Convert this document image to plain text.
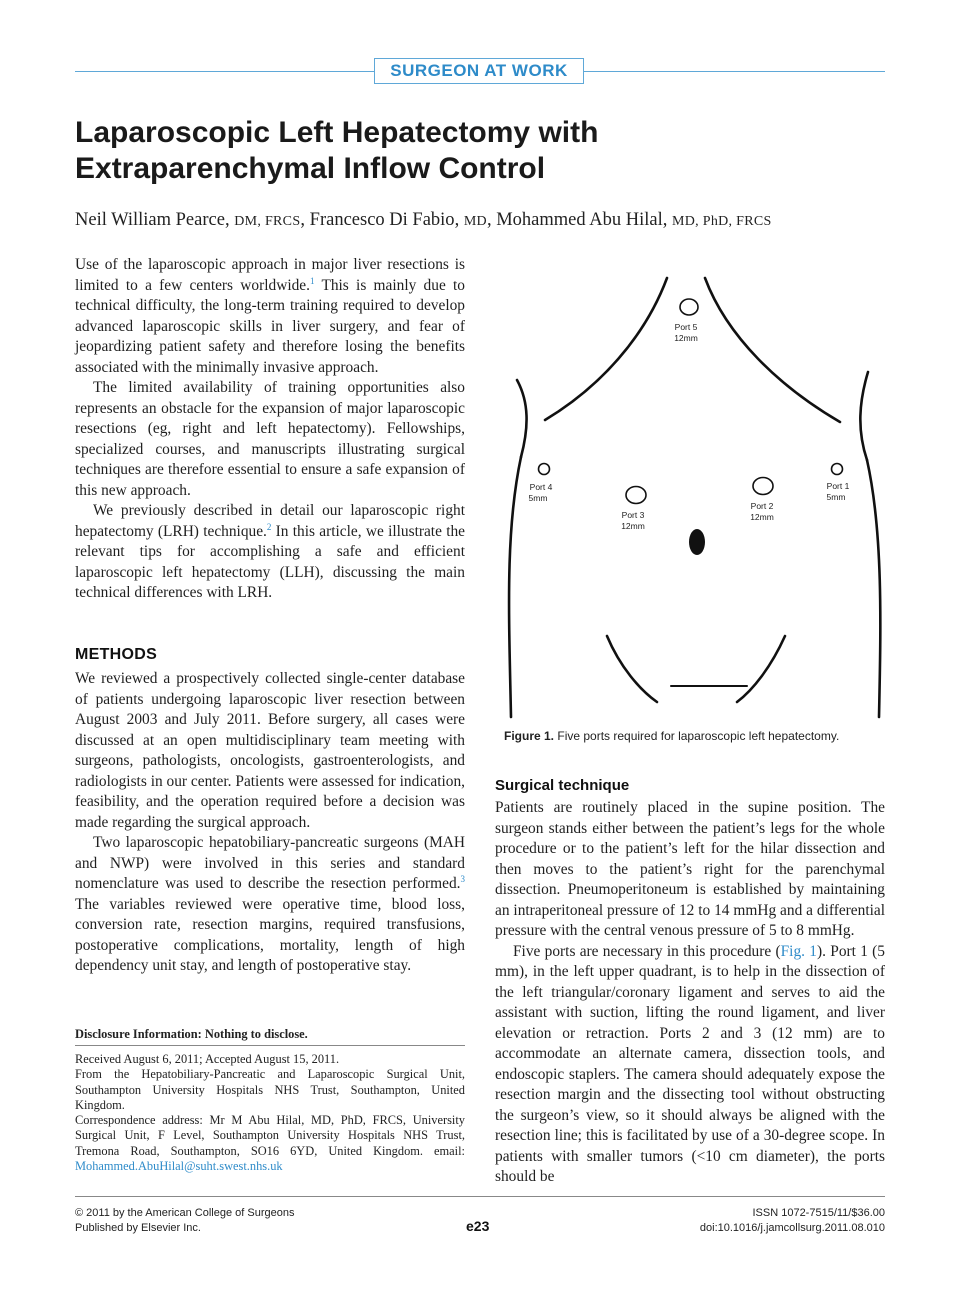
SURGEON AT WORK
Laparoscopic Left Hepatectomy with Extraparenchymal Inflow Control
Neil William Pearce, DM, FRCS, Francesco Di Fabio, MD, Mohammed Abu Hilal, MD, PhD, FRCS

Use of the laparoscopic approach in major liver resections is limited to a few centers worldwide.$^1$ This is mainly due to technical difficulty, the long-term training required to develop advanced laparoscopic skills in liver surgery, and fear of jeopardizing patient safety and therefore losing the benefits associated with the minimally invasive approach.

The limited availability of training opportunities also represents an obstacle for the expansion of major laparoscopic resections (eg, right and left hepatectomy). Fellowships, specialized courses, and manuscripts illustrating surgical techniques are therefore essential to ensure a safe expansion of this new approach.

We previously described in detail our laparoscopic right hepatectomy (LRH) technique.$^2$ In this article, we illustrate the relevant tips for accomplishing a safe and efficient laparoscopic left hepatectomy (LLH), discussing the main technical differences with LRH.

METHODS

We reviewed a prospectively collected single-center database of patients undergoing laparoscopic liver resection between August 2003 and July 2011. Before surgery, all cases were discussed at an open multidisciplinary team meeting with surgeons, pathologists, oncologists, gastroenterologists, and radiologists in our center. Patients were assessed for indication, feasibility, and the operation required before a decision was made regarding the surgical approach.

Two laparoscopic hepatobiliary-pancreatic surgeons (MAH and NWP) were involved in this series and standard nomenclature was used to describe the resection performed.$^3$ The variables reviewed were operative time, blood loss, conversion rate, resection margins, required transfusions, postoperative complications, mortality, length of high dependency unit stay, and length of postoperative stay.

Port 5
12mm
Port 4
5mm
Port 3
12mm
Port 2
12mm
Port 1
5mm
Figure 1. Five ports required for laparoscopic left hepatectomy.
Surgical technique

Patients are routinely placed in the supine position. The surgeon stands either between the patient’s legs for the whole procedure or to the patient’s left for the hilar dissection and then moves to the patient’s right for the parenchymal dissection. Pneumoperitoneum is established by maintaining an intraperitoneal pressure of 12 to 14 mmHg and a differential pressure with the central venous pressure of 5 to 8 mmHg.

Five ports are necessary in this procedure (Fig. 1). Port 1 (5 mm), in the left upper quadrant, is to help in the dissection of the left triangular/coronary ligament and serves to aid the assistant with suction, lifting the round ligament, and liver elevation or retraction. Ports 2 and 3 (12 mm) are to accommodate an alternate camera, dissection tools, and endoscopic staplers. The camera should adequately expose the resection margin and the dissecting tool without obstructing the surgeon’s view, so it should always be aligned with the resection line; this is facilitated by use of a 30-degree scope. In patients with smaller tumors (<10 cm diameter), the ports should be

Disclosure Information: Nothing to disclose.

Received August 6, 2011; Accepted August 15, 2011.

From the Hepatobiliary-Pancreatic and Laparoscopic Surgical Unit, Southampton University Hospitals NHS Trust, Southampton, United Kingdom.

Correspondence address: Mr M Abu Hilal, MD, PhD, FRCS, University Surgical Unit, F Level, Southampton University Hospitals NHS Trust, Tremona Road, Southampton, SO16 6YD, United Kingdom. email: Mohammed.AbuHilal@suht.swest.nhs.uk

© 2011 by the American College of Surgeons
Published by Elsevier Inc.	e23
ISSN 1072-7515/11/$36.00
doi:10.1016/j.jamcollsurg.2011.08.010
